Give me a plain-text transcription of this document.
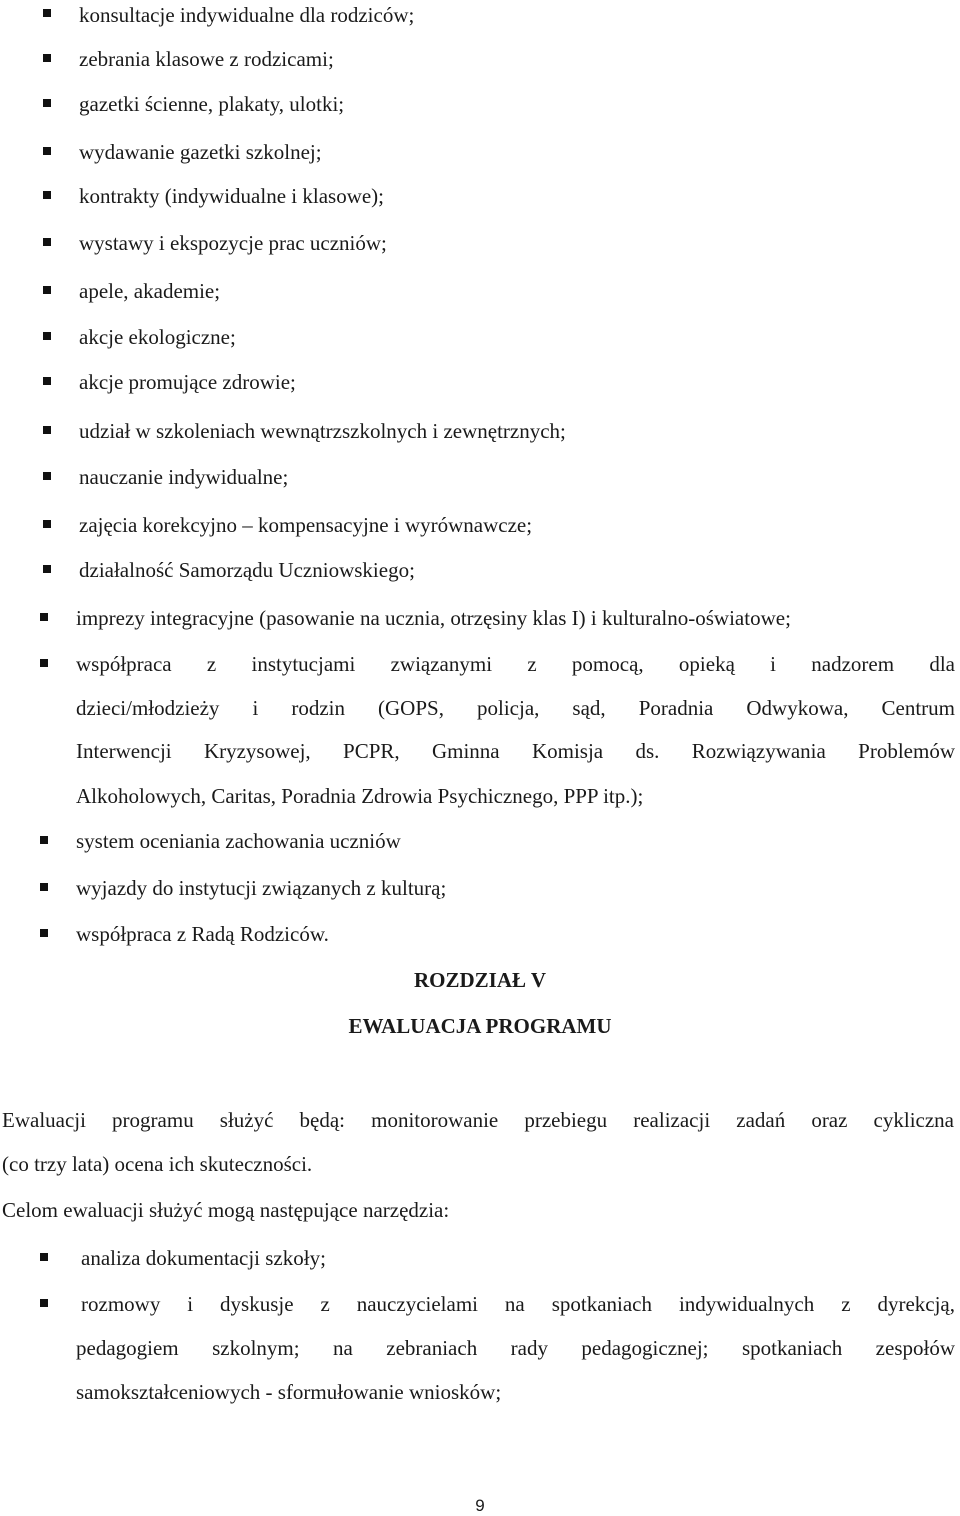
konsultacje indywidualne dla rodziców;
zebrania klasowe z rodzicami;
gazetki ścienne, plakaty, ulotki;
wydawanie gazetki szkolnej;
kontrakty (indywidualne i klasowe);
wystawy i ekspozycje prac uczniów;
apele, akademie;
akcje ekologiczne;
akcje promujące zdrowie;
udział w szkoleniach wewnątrzszkolnych i zewnętrznych;
nauczanie indywidualne;
zajęcia korekcyjno – kompensacyjne i wyrównawcze;
działalność Samorządu Uczniowskiego;
imprezy integracyjne (pasowanie na ucznia, otrzęsiny klas I) i kulturalno-oświatowe;
współpraca z instytucjami związanymi z pomocą, opieką i nadzorem dla
dzieci/młodzieży i rodzin (GOPS, policja, sąd, Poradnia Odwykowa, Centrum
Interwencji Kryzysowej, PCPR, Gminna Komisja ds. Rozwiązywania Problemów
Alkoholowych, Caritas, Poradnia Zdrowia Psychicznego, PPP itp.);
system oceniania zachowania uczniów
wyjazdy do instytucji związanych z kulturą;
współpraca z Radą Rodziców.
ROZDZIAŁ V
EWALUACJA PROGRAMU
Ewaluacji programu służyć będą: monitorowanie przebiegu realizacji zadań oraz cykliczna
(co trzy lata) ocena ich skuteczności.
Celom ewaluacji służyć mogą następujące narzędzia:
analiza dokumentacji szkoły;
rozmowy i dyskusje z nauczycielami na spotkaniach indywidualnych z dyrekcją,
pedagogiem szkolnym; na zebraniach rady pedagogicznej; spotkaniach zespołów
samokształceniowych - sformułowanie wniosków;
9
